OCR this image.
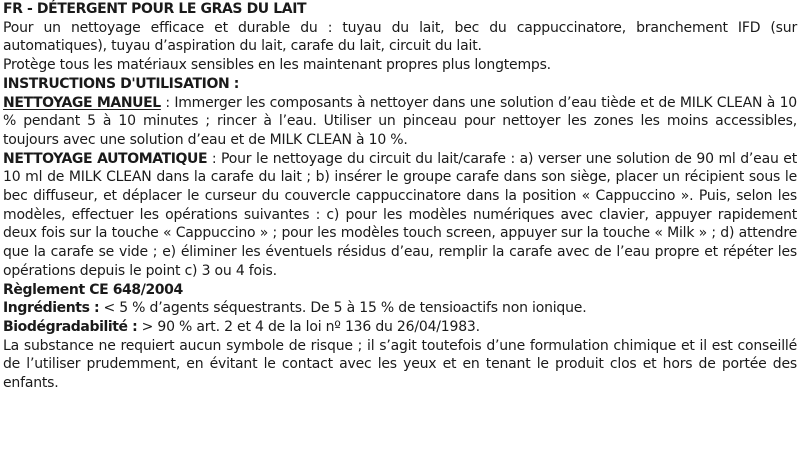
FR - DÉTERGENT POUR LE GRAS DU LAIT

Pour un nettoyage efficace et durable du : tuyau du lait, bec du cappuccinatore, branchement IFD (sur automatiques), tuyau d’aspiration du lait, carafe du lait, circuit du lait.

Protège tous les matériaux sensibles en les maintenant propres plus longtemps.

INSTRUCTIONS D'UTILISATION :

NETTOYAGE MANUEL : Immerger les composants à nettoyer dans une solution d’eau tiède et de MILK CLEAN à 10 % pendant 5 à 10 minutes ; rincer à l’eau. Utiliser un pinceau pour nettoyer les zones les moins accessibles, toujours avec une solution d’eau et de MILK CLEAN à 10 %.

NETTOYAGE AUTOMATIQUE : Pour le nettoyage du circuit du lait/carafe : a) verser une solution de 90 ml d’eau et 10 ml de MILK CLEAN dans la carafe du lait ; b) insérer le groupe carafe dans son siège, placer un récipient sous le bec diffuseur, et déplacer le curseur du couvercle cappuccinatore dans la position « Cappuccino ». Puis, selon les modèles, effectuer les opérations suivantes : c) pour les modèles numériques avec clavier, appuyer rapidement deux fois sur la touche « Cappuccino » ; pour les modèles touch screen, appuyer sur la touche « Milk » ; d) attendre que la carafe se vide ; e) éliminer les éventuels résidus d’eau, remplir la carafe avec de l’eau propre et répéter les opérations depuis le point c) 3 ou 4 fois.

Règlement CE 648/2004

Ingrédients : < 5 % d’agents séquestrants. De 5 à 15 % de tensioactifs non ionique.

Biodégradabilité : > 90 % art. 2 et 4 de la loi nº 136 du 26/04/1983.

La substance ne requiert aucun symbole de risque ; il s’agit toutefois d’une formulation chimique et il est conseillé de l’utiliser prudemment, en évitant le contact avec les yeux et en tenant le produit clos et hors de portée des enfants.
